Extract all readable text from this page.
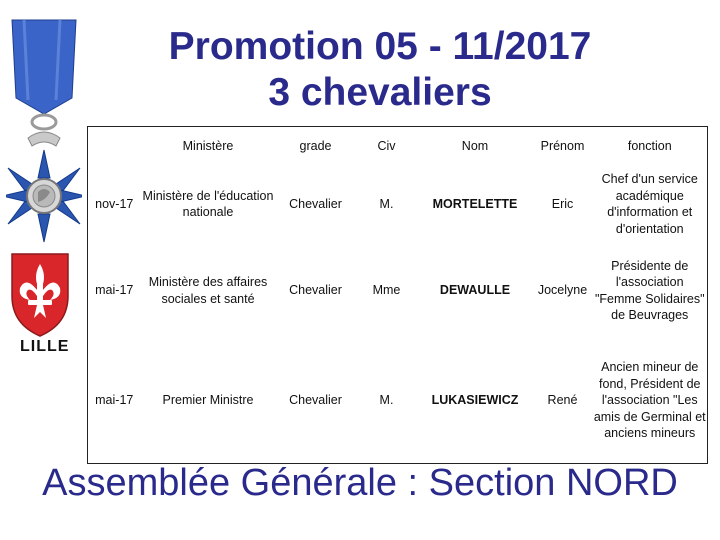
Promotion 05 - 11/2017
3 chevaliers
LILLE
	Ministère	grade	Civ	Nom	Prénom	fonction
nov-17	Ministère de l'éducation nationale	Chevalier	M.	MORTELETTE	Eric	Chef d'un service
académique
d'information et
d'orientation
mai-17	Ministère des affaires sociales et santé	Chevalier	Mme	DEWAULLE	Jocelyne	Présidente de
l'association
"Femme Solidaires"
de Beuvrages
mai-17	Premier Ministre	Chevalier	M.	LUKASIEWICZ	René	Ancien mineur de
fond, Président de
l'association "Les
amis de Germinal et
anciens mineurs
Assemblée Générale : Section NORD
